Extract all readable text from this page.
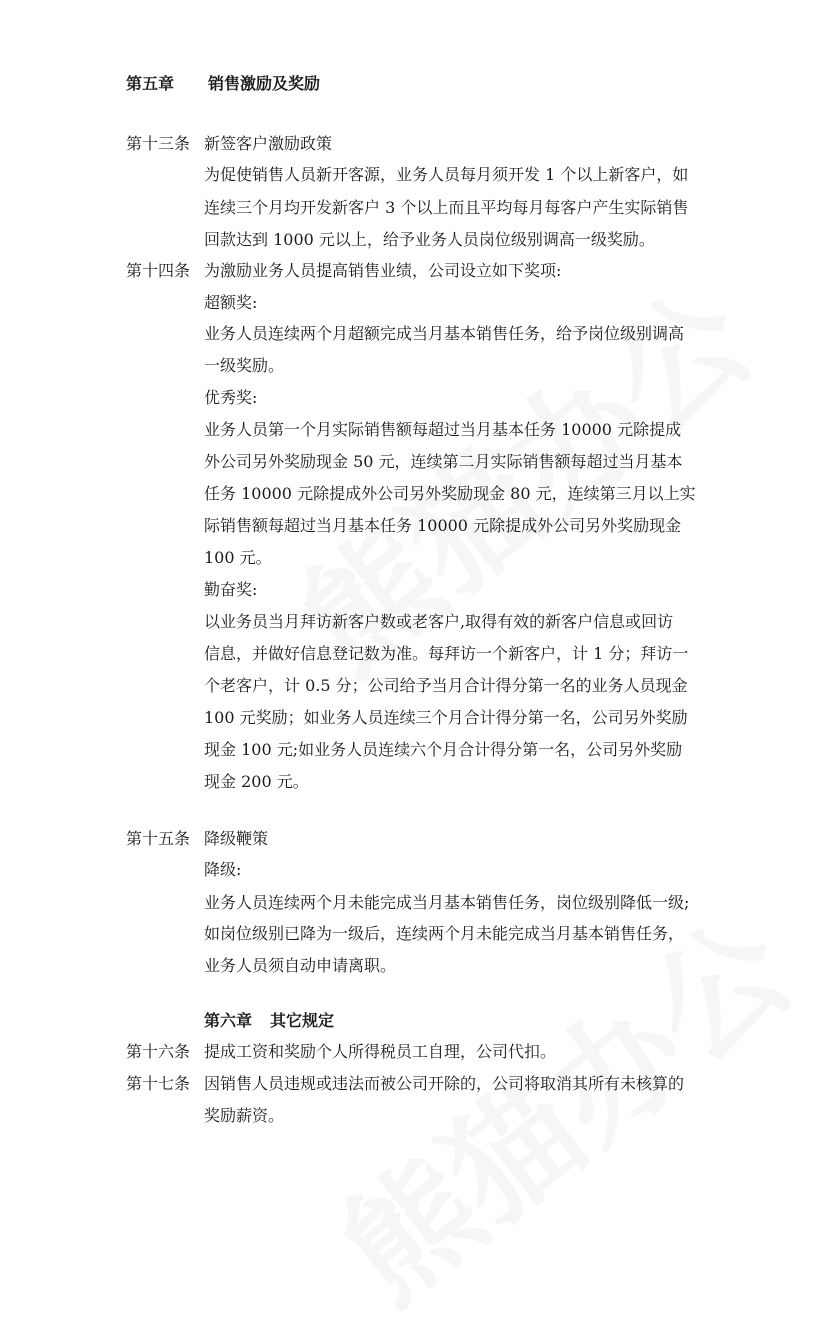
第五章 销售激励及奖励
第十三条 新签客户激励政策
为促使销售人员新开客源，业务人员每月须开发 1 个以上新客户，如
连续三个月均开发新客户 3 个以上而且平均每月每客户产生实际销售
回款达到 1000 元以上，给予业务人员岗位级别调高一级奖励。
第十四条 为激励业务人员提高销售业绩，公司设立如下奖项:
超额奖:
业务人员连续两个月超额完成当月基本销售任务，给予岗位级别调高
一级奖励。
优秀奖:
业务人员第一个月实际销售额每超过当月基本任务 10000 元除提成
外公司另外奖励现金 50 元，连续第二月实际销售额每超过当月基本
任务 10000 元除提成外公司另外奖励现金 80 元，连续第三月以上实
际销售额每超过当月基本任务 10000 元除提成外公司另外奖励现金
100 元。
勤奋奖:
以业务员当月拜访新客户数或老客户,取得有效的新客户信息或回访
信息，并做好信息登记数为准。每拜访一个新客户，计 1 分；拜访一
个老客户，计 0.5 分；公司给予当月合计得分第一名的业务人员现金
100 元奖励；如业务人员连续三个月合计得分第一名，公司另外奖励
现金 100 元;如业务人员连续六个月合计得分第一名，公司另外奖励
现金 200 元。
第十五条 降级鞭策
降级:
业务人员连续两个月未能完成当月基本销售任务，岗位级别降低一级;
如岗位级别已降为一级后，连续两个月未能完成当月基本销售任务，
业务人员须自动申请离职。
第六章 其它规定
第十六条 提成工资和奖励个人所得税员工自理，公司代扣。
第十七条 因销售人员违规或违法而被公司开除的，公司将取消其所有未核算的
奖励薪资。
